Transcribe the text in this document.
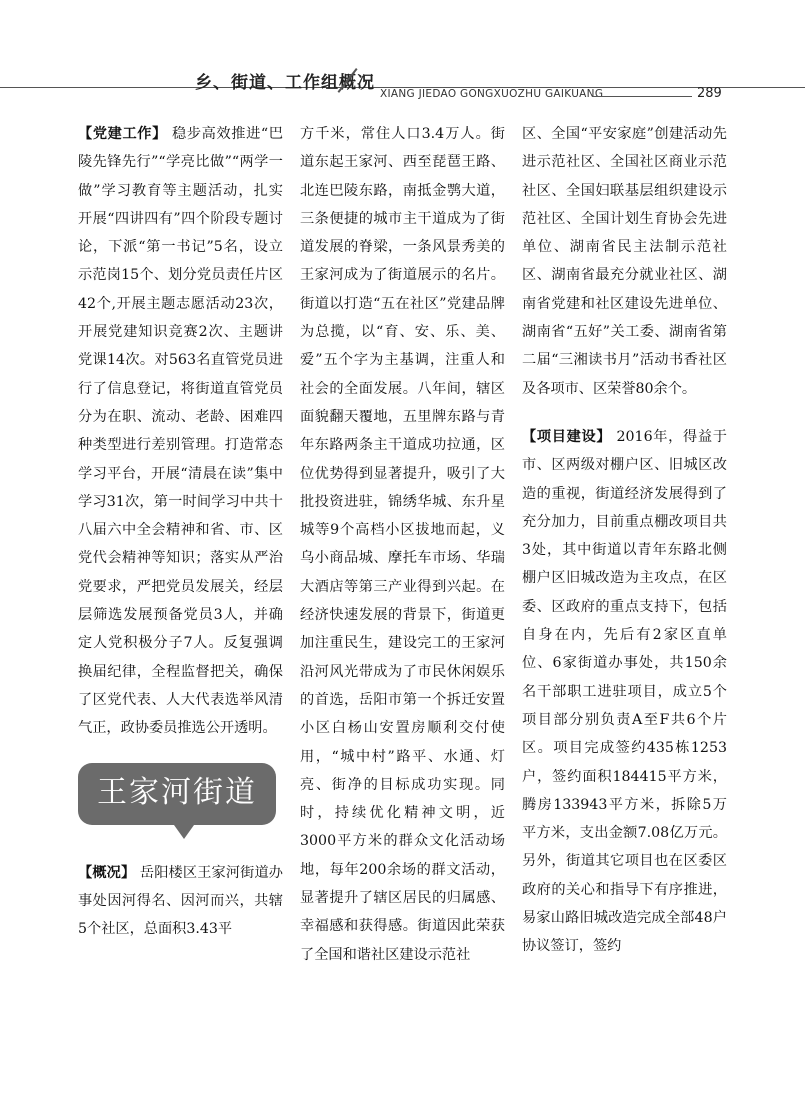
乡、街道、工作组概况
XIANG JIEDAO GONGXUOZHU GAIKUANG	289

【党建工作】 稳步高效推进“巴陵先锋先行”“学亮比做”“两学一做”学习教育等主题活动，扎实开展“四讲四有”四个阶段专题讨论，下派“第一书记”5名，设立示范岗15个、划分党员责任片区42个,开展主题志愿活动23次，开展党建知识竞赛2次、主题讲党课14次。对563名直管党员进行了信息登记，将街道直管党员分为在职、流动、老龄、困难四种类型进行差别管理。打造常态学习平台，开展“清晨在读”集中学习31次，第一时间学习中共十八届六中全会精神和省、市、区党代会精神等知识；落实从严治党要求，严把党员发展关，经层层筛选发展预备党员3人，并确定人党积极分子7人。反复强调换届纪律，全程监督把关，确保了区党代表、人大代表选举风清气正，政协委员推选公开透明。

王家河街道

【概况】 岳阳楼区王家河街道办事处因河得名、因河而兴，共辖5个社区，总面积3.43平

方千米，常住人口3.4万人。街道东起王家河、西至琵琶王路、北连巴陵东路，南抵金鹗大道，三条便捷的城市主干道成为了街道发展的脊梁，一条风景秀美的王家河成为了街道展示的名片。街道以打造“五在社区”党建品牌为总揽，以“育、安、乐、美、爱”五个字为主基调，注重人和社会的全面发展。八年间，辖区面貌翻天覆地，五里牌东路与青年东路两条主干道成功拉通，区位优势得到显著提升，吸引了大批投资进驻，锦绣华城、东升星城等9个高档小区拔地而起，义乌小商品城、摩托车市场、华瑞大酒店等第三产业得到兴起。在经济快速发展的背景下，街道更加注重民生，建设完工的王家河沿河风光带成为了市民休闲娱乐的首选，岳阳市第一个拆迁安置小区白杨山安置房顺利交付使用，“城中村”路平、水通、灯亮、街净的目标成功实现。同时，持续优化精神文明，近3000平方米的群众文化活动场地，每年200余场的群文活动，显著提升了辖区居民的归属感、幸福感和获得感。街道因此荣获了全国和谐社区建设示范社

区、全国“平安家庭”创建活动先进示范社区、全国社区商业示范社区、全国妇联基层组织建设示范社区、全国计划生育协会先进单位、湖南省民主法制示范社区、湖南省最充分就业社区、湖南省党建和社区建设先进单位、湖南省“五好”关工委、湖南省第二届“三湘读书月”活动书香社区及各项市、区荣誉80余个。

【项目建设】 2016年，得益于市、区两级对棚户区、旧城区改造的重视，街道经济发展得到了充分加力，目前重点棚改项目共3处，其中街道以青年东路北侧棚户区旧城改造为主攻点，在区委、区政府的重点支持下，包括自身在内，先后有2家区直单位、6家街道办事处，共150余名干部职工进驻项目，成立5个项目部分别负责A至F共6个片区。项目完成签约435栋1253户，签约面积184415平方米，腾房133943平方米，拆除5万平方米，支出金额7.08亿万元。另外，街道其它项目也在区委区政府的关心和指导下有序推进，易家山路旧城改造完成全部48户协议签订，签约
